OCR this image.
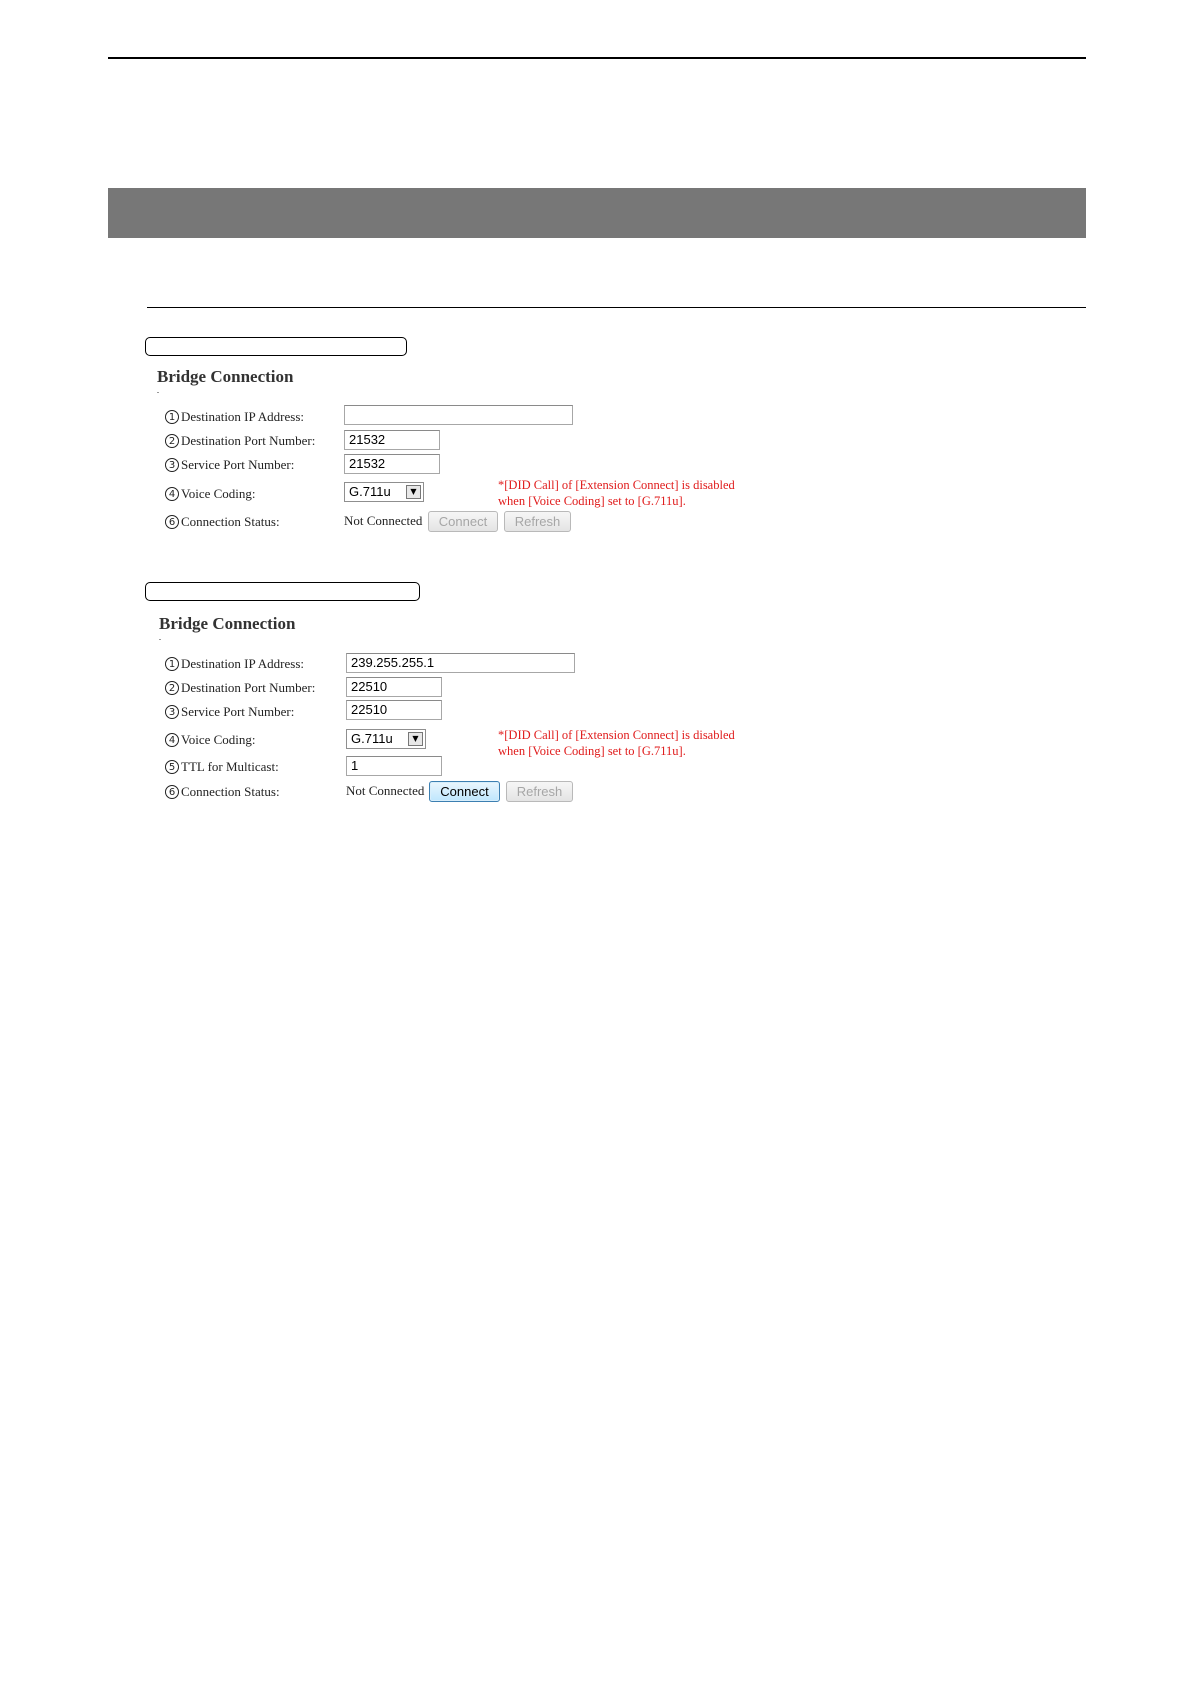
Bridge Connection
1 Destination IP Address:
2 Destination Port Number:	21532
3 Service Port Number:	21532
4 Voice Coding:	G.711u	▼	*[DID Call] of [Extension Connect] is disabled
when [Voice Coding] set to [G.711u].
6 Connection Status:	Not Connected	Connect	Refresh
Bridge Connection
1 Destination IP Address:	239.255.255.1
2 Destination Port Number:	22510
3 Service Port Number:	22510
4 Voice Coding:	G.711u	▼	*[DID Call] of [Extension Connect] is disabled
when [Voice Coding] set to [G.711u].
5 TTL for Multicast:	1
6 Connection Status:	Not Connected	Connect	Refresh
